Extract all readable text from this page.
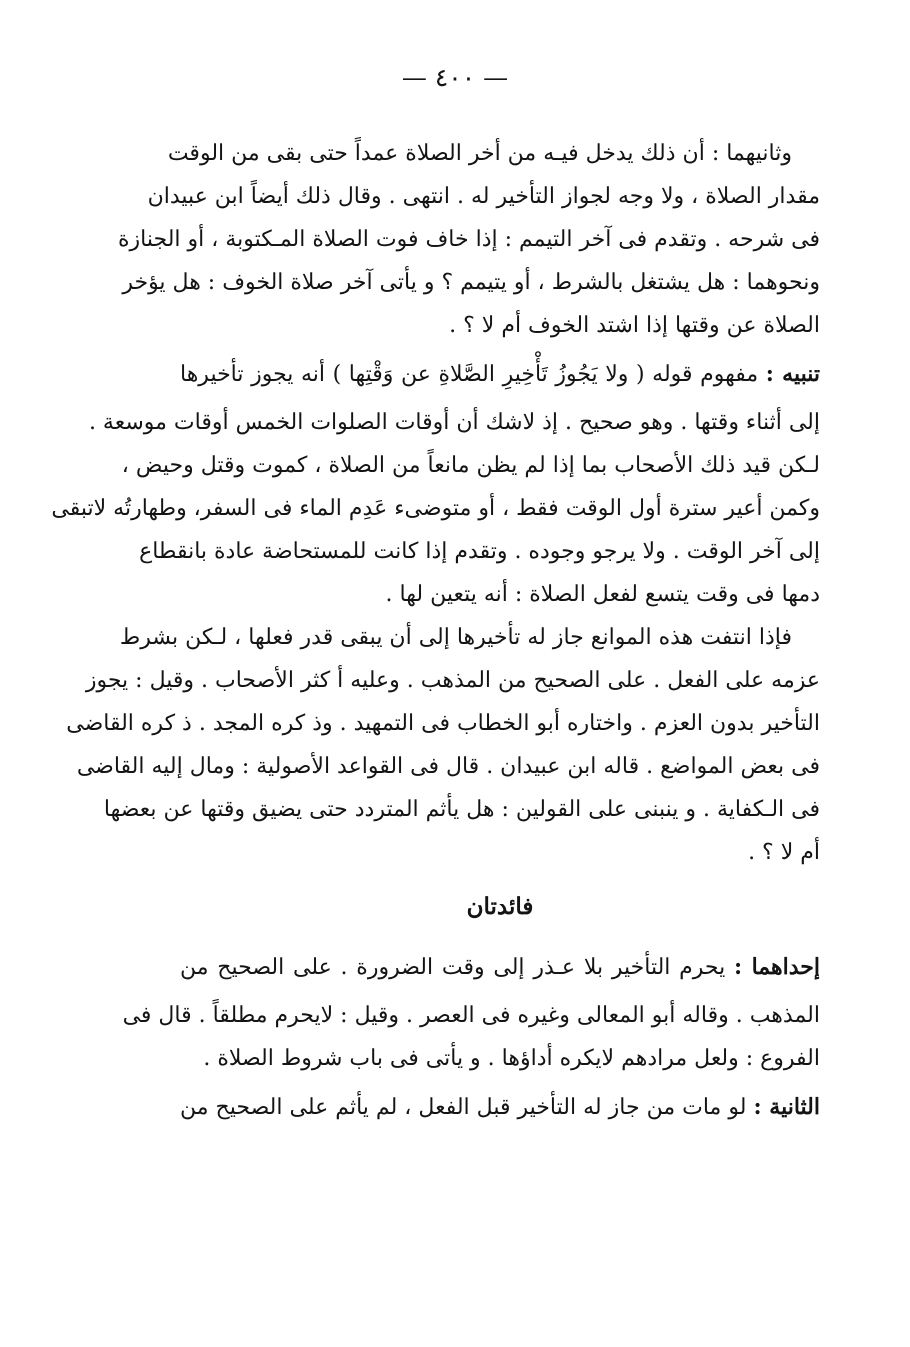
— ٤٠٠ —
وثانيهما : أن ذلك يدخل فيـه من أخر الصلاة عمداً حتى بقى من الوقت
مقدار الصلاة ، ولا وجه لجواز التأخير له . انتهى . وقال ذلك أيضاً ابن عبيدان
فى شرحه . وتقدم فى آخر التيمم : إذا خاف فوت الصلاة المـكتوبة ، أو الجنازة
ونحوهما : هل يشتغل بالشرط ، أو يتيمم ؟ و يأتى آخر صلاة الخوف : هل يؤخر
الصلاة عن وقتها إذا اشتد الخوف أم لا ؟ .
تنبيه : مفهوم قوله ( ولا يَجُوزُ تَأْخِيرِ الصَّلاةِ عن وَقْتِها ) أنه يجوز تأخيرها
إلى أثناء وقتها . وهو صحيح . إذ لاشك أن أوقات الصلوات الخمس أوقات موسعة .
لـكن قيد ذلك الأصحاب بما إذا لم يظن مانعاً من الصلاة ، كموت وقتل وحيض ،
وكمن أعير سترة أول الوقت فقط ، أو متوضىء عَدِم الماء فى السفر، وطهارتُه لاتبقى
إلى آخر الوقت . ولا يرجو وجوده . وتقدم إذا كانت للمستحاضة عادة بانقطاع
دمها فى وقت يتسع لفعل الصلاة : أنه يتعين لها .
فإذا انتفت هذه الموانع جاز له تأخيرها إلى أن يبقى قدر فعلها ، لـكن بشرط
عزمه على الفعل . على الصحيح من المذهب . وعليه أ كثر الأصحاب . وقيل : يجوز
التأخير بدون العزم . واختاره أبو الخطاب فى التمهيد . وذ كره المجد . ذ كره القاضى
فى بعض المواضع . قاله ابن عبيدان . قال فى القواعد الأصولية : ومال إليه القاضى
فى الـكفاية . و ينبنى على القولين : هل يأثم المتردد حتى يضيق وقتها عن بعضها
أم لا ؟ .
فائدتان
إحداهما : يحرم التأخير بلا عـذر إلى وقت الضرورة . على الصحيح من
المذهب . وقاله أبو المعالى وغيره فى العصر . وقيل : لايحرم مطلقاً . قال فى
الفروع : ولعل مرادهم لايكره أداؤها . و يأتى فى باب شروط الصلاة .
الثانية : لو مات من جاز له التأخير قبل الفعل ، لم يأثم على الصحيح من
